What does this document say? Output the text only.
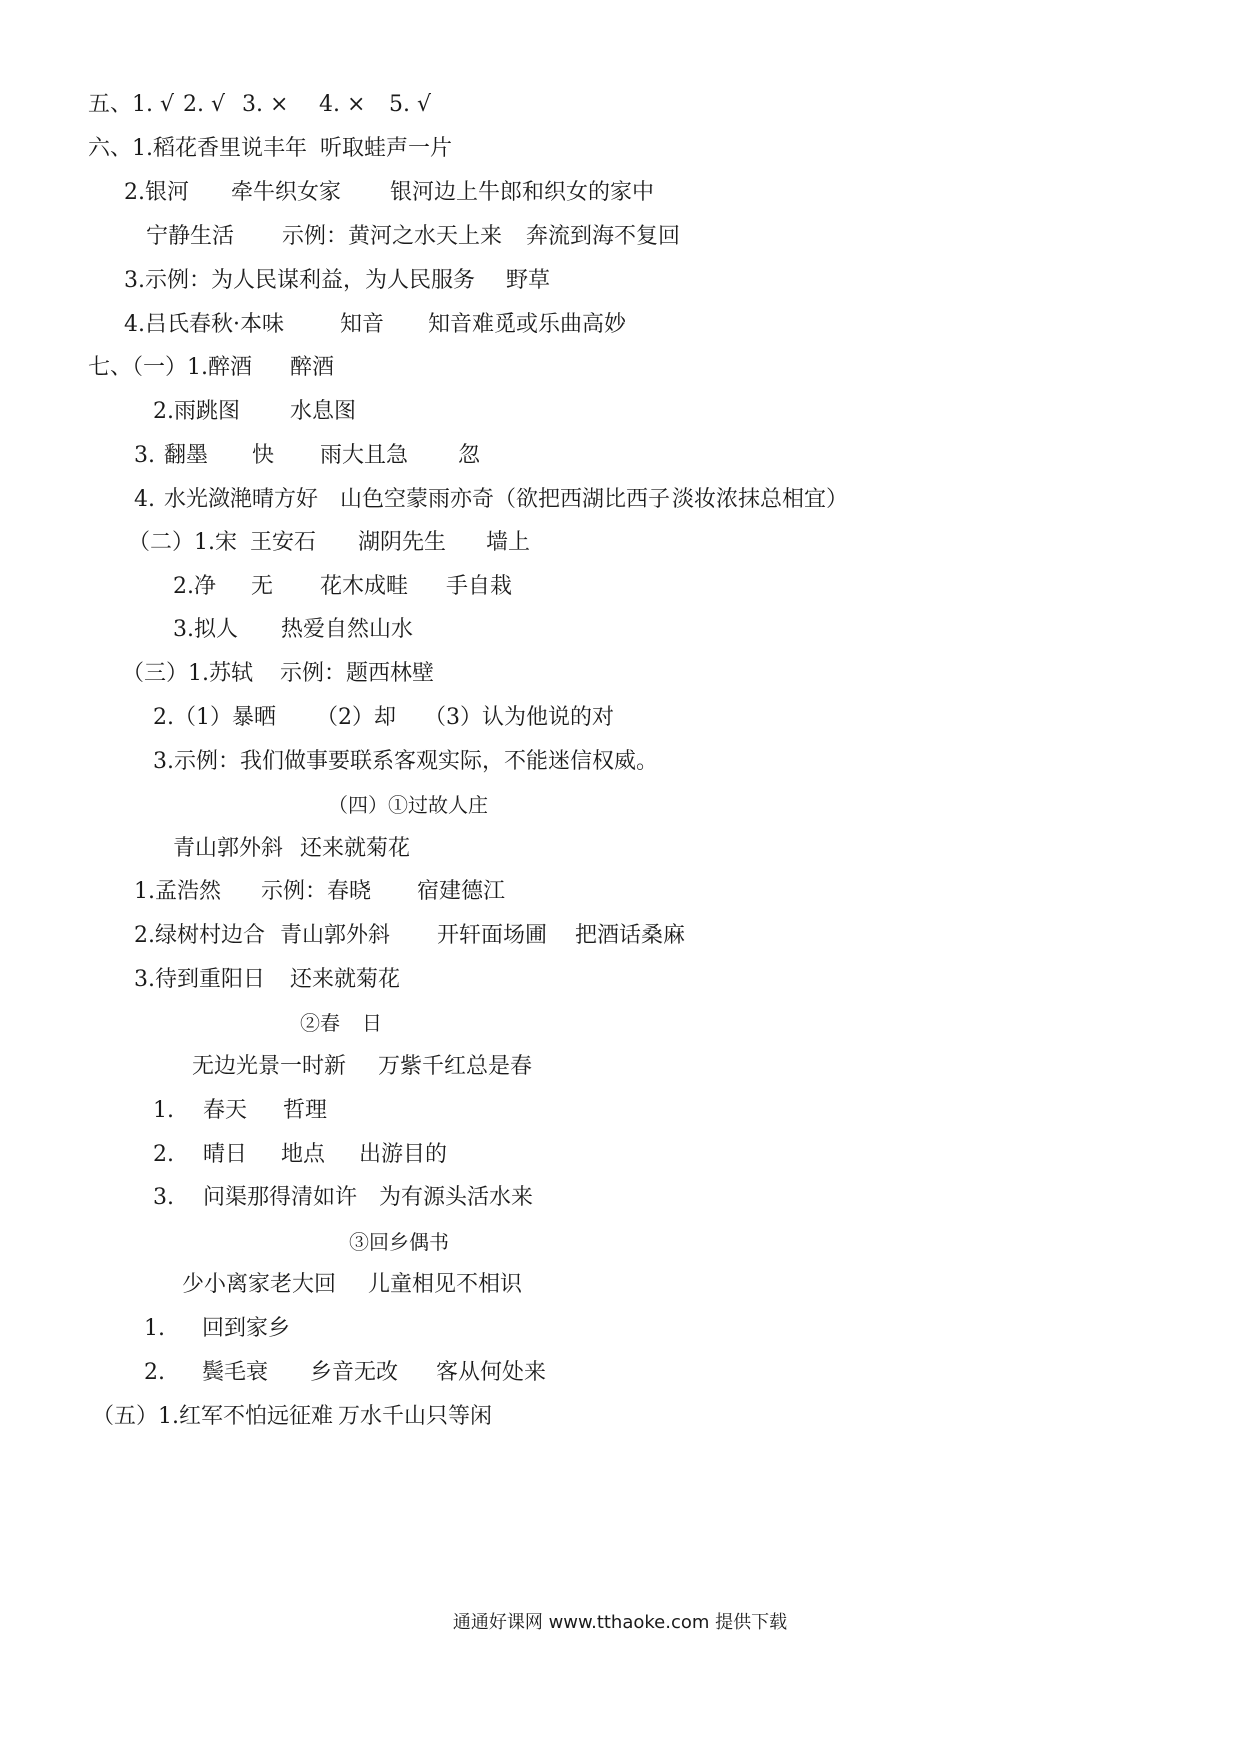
五、1. √ 2. √ 3. × 4. × 5. √
六、1.稻花香里说丰年 听取蛙声一片
2.银河 牵牛织女家 银河边上牛郎和织女的家中
宁静生活 示例：黄河之水天上来 奔流到海不复回
3.示例：为人民谋利益，为人民服务 野草
4.吕氏春秋·本味	知音 知音难觅或乐曲高妙
七、（一）1.醉酒 醉酒
2.雨跳图 水息图
3. 翻墨 快 雨大且急 忽
4. 水光潋滟晴方好 山色空蒙雨亦奇（欲把西湖比西子淡妆浓抹总相宜）
（二）1.宋 王安石 湖阴先生 墙上
2.净 无 花木成畦 手自栽
3.拟人 热爱自然山水
（三）1.苏轼 示例：题西林壁
2.（1）暴晒 （2）却 （3）认为他说的对
3.示例：我们做事要联系客观实际，不能迷信权威。
（四）①过故人庄
青山郭外斜 还来就菊花
1.孟浩然 示例：春晓 宿建德江
2.绿树村边合 青山郭外斜 开轩面场圃 把酒话桑麻
3.待到重阳日 还来就菊花
②春 日
无边光景一时新 万紫千红总是春
1. 春天 哲理
2. 晴日 地点 出游目的
3. 问渠那得清如许 为有源头活水来
③回乡偶书
少小离家老大回 儿童相见不相识
1. 回到家乡
2. 鬓毛衰 乡音无改 客从何处来
（五）1.红军不怕远征难 万水千山只等闲
通通好课网 www.tthaoke.com 提供下载
